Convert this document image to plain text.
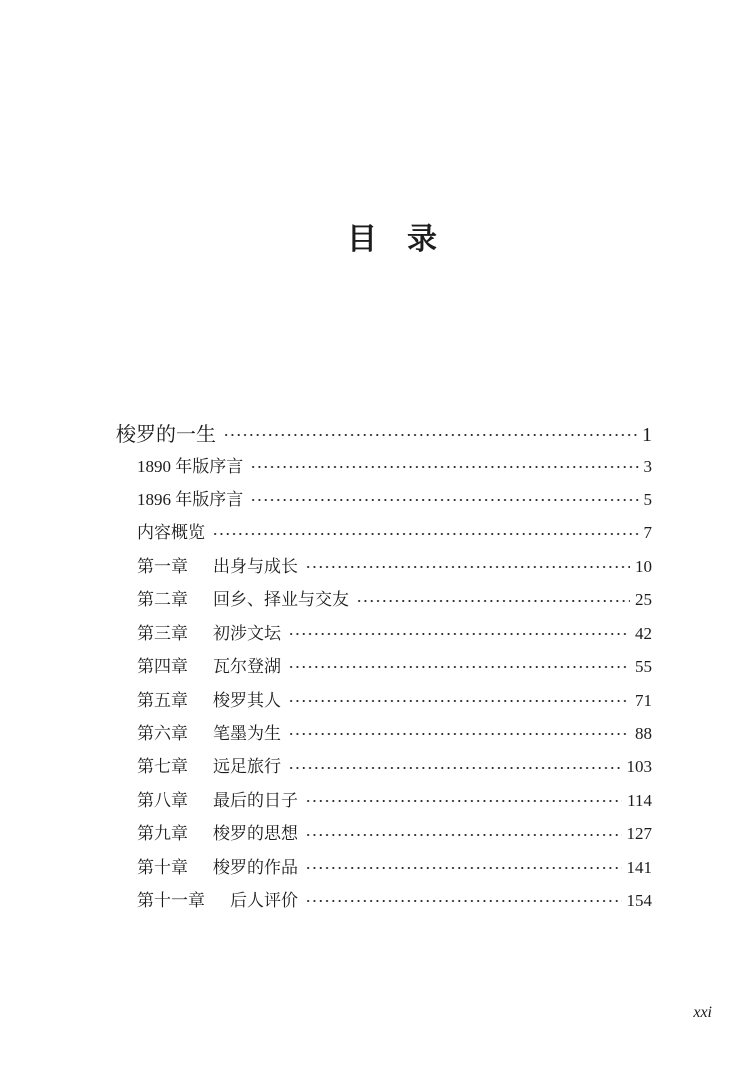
目　录
梭罗的一生	1
1890 年版序言	3
1896 年版序言	5
内容概览	7
第一章 出身与成长	10
第二章 回乡、择业与交友	25
第三章 初涉文坛	42
第四章 瓦尔登湖	55
第五章 梭罗其人	71
第六章 笔墨为生	88
第七章 远足旅行	103
第八章 最后的日子	114
第九章 梭罗的思想	127
第十章 梭罗的作品	141
第十一章 后人评价	154
xxi
